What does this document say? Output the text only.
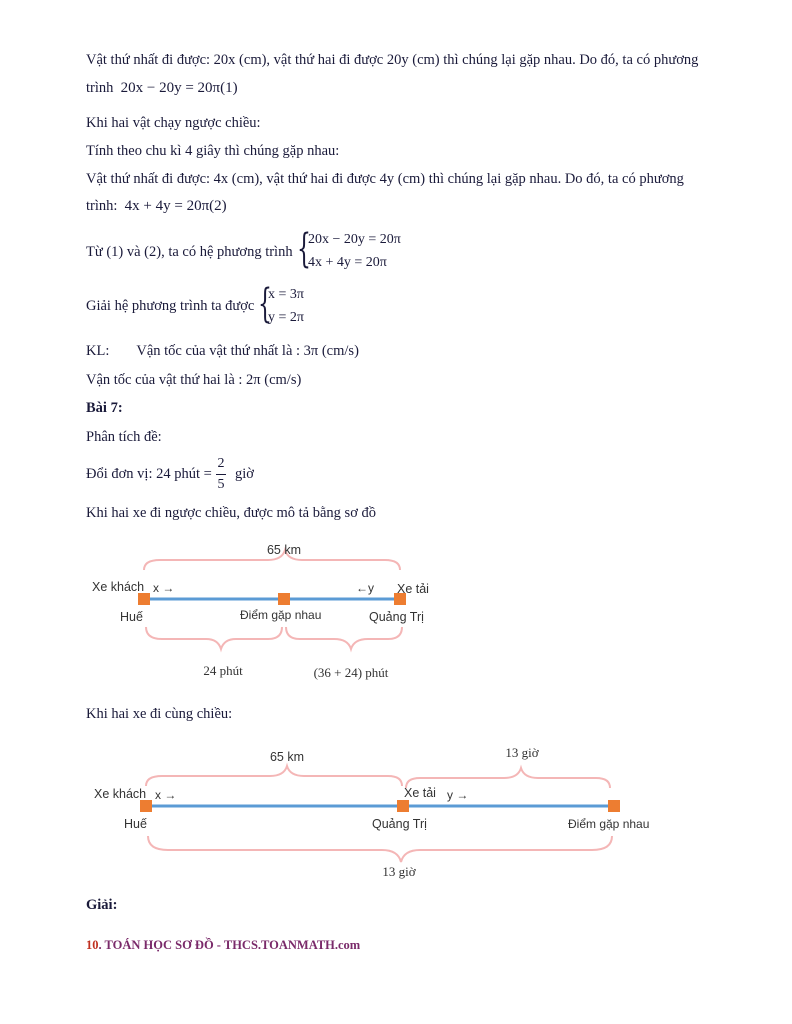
Vật thứ nhất đi được: 20x (cm), vật thứ hai đi được 20y (cm) thì chúng lại gặp nhau. Do đó, ta có phương
trình 20x − 20y = 20π(1)
Khi hai vật chạy ngược chiều:
Tính theo chu kì 4 giây thì chúng gặp nhau:
Vật thứ nhất đi được: 4x (cm), vật thứ hai đi được 4y (cm) thì chúng lại gặp nhau. Do đó, ta có phương
trình: 4x + 4y = 20π(2)
Từ (1) và (2), ta có hệ phương trình {
20x − 20y = 20π
4x + 4y = 20π
Giải hệ phương trình ta được {
x = 3π
y = 2π
KL: Vận tốc của vật thứ nhất là : 3π (cm/s)
Vận tốc của vật thứ hai là : 2π (cm/s)
Bài 7:
Phân tích đề:
Đổi đơn vị: 24 phút =
2
5
giờ
Khi hai xe đi ngược chiều, được mô tả bằng sơ đồ
65 km
Xe khách x →	←y Xe tải
Huế	Điểm gặp nhau	Quảng Trị
24 phút	(36 + 24) phút
Khi hai xe đi cùng chiều:
65 km	13 giờ
Xe khách x →	Xe tải y →
Huế	Quảng Trị	Điểm gặp nhau
13 giờ
Giải:
10. TOÁN HỌC SƠ ĐỒ - THCS.TOANMATH.com
